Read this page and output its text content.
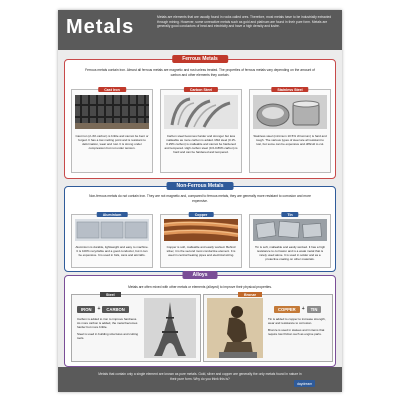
Metals	Metals are elements that are usually found in rocks called ores. Therefore, most metals have to be industrially extracted through mining. However, some unreactive metals such as gold and platinum are found in their pure form. Metals are generally good conductors of heat and electricity and have a high density and lustre.
Ferrous Metals
Ferrous metals contain iron. Almost all ferrous metals are magnetic and rust unless treated. The properties of ferrous metals vary depending on the amount of carbon and other elements they contain.
Cast Iron
Cast iron (2-4% carbon) is brittle and cannot be bent or forged. It has a low melting point and is resistant to deformation, wear and rust. It is strong under compression but not under tension.
Carbon Steel
Carbon steel becomes harder and stronger but less malleable as more carbon is added. Mild steel (0.15-0.29% carbon) is malleable and cannot be hardened and tempered. High carbon steel (0.6-0.89% carbon) is hard and can be hardened and tempered.
Stainless Steel
Stainless steel (minimum 10.5% chromium) is hard and tough. The various types of steel are all resistant to rust, but some can be expensive and difficult to cut.
Non-Ferrous Metals
Non-ferrous metals do not contain iron. They are not magnetic and, compared to ferrous metals, they are generally more resistant to corrosion and more expensive.
Aluminium
Aluminium is durable, lightweight and easy to machine. It is 100% recyclable and a good conductor, but it can be expensive. It is used in foils, cans and aircrafts.
Copper
Copper is soft, malleable and easily worked. Behind silver, it is the second most conductive element. It is used in central heating pipes and electrical wiring.
Tin
Tin is soft, malleable and easily worked. It has a high resistance to corrosion and is a weak metal that is rarely used alone. It is used in solder and as a protective coating on other materials.
Alloys
Metals are often mixed with other metals or elements (alloyed) to improve their physical properties.
Steel
IRON	+	CARBON
Carbon is added to iron to improve hardness. As more carbon is added, the metal becomes harder but more brittle.
Steel is used in building structures and cutting tools.
Bronze
COPPER	+	TIN
Tin is added to copper to increase strength, wear and resistance to corrosion.
Bronze is used in statues and in items that require low friction such as engine parts.
Metals that contain only a single element are known as pure metals. Gold, silver and copper are generally the only metals found in nature in their pure form. Why do you think this is?
daydream
